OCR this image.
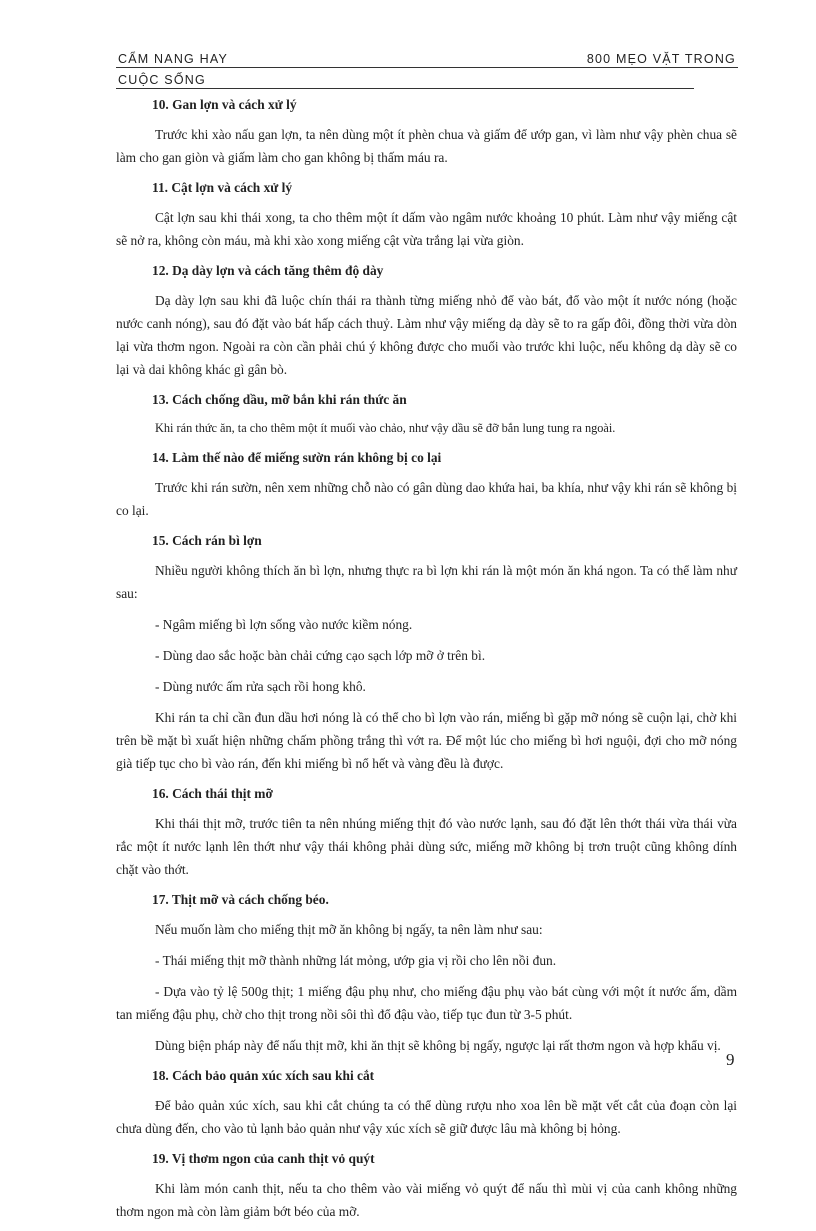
CẨM NANG HAY	800 MẸO VẶT TRONG
CUỘC SỐNG
10. Gan lợn và cách xử lý

Trước khi xào nấu gan lợn, ta nên dùng một ít phèn chua và giấm để ướp gan, vì làm như vậy phèn chua sẽ làm cho gan giòn và giấm làm cho gan không bị thấm máu ra.

11. Cật lợn và cách xử lý

Cật lợn sau khi thái xong, ta cho thêm một ít dấm vào ngâm nước khoảng 10 phút. Làm như vậy miếng cật sẽ nở ra, không còn máu, mà khi xào xong miếng cật vừa trắng lại vừa giòn.

12. Dạ dày lợn và cách tăng thêm độ dày

Dạ dày lợn sau khi đã luộc chín thái ra thành từng miếng nhỏ để vào bát, đổ vào một ít nước nóng (hoặc nước canh nóng), sau đó đặt vào bát hấp cách thuỷ. Làm như vậy miếng dạ dày sẽ to ra gấp đôi, đồng thời vừa dòn lại vừa thơm ngon. Ngoài ra còn cần phải chú ý không được cho muối vào trước khi luộc, nếu không dạ dày sẽ co lại và dai không khác gì gân bò.

13. Cách chống dầu, mỡ bắn khi rán thức ăn

Khi rán thức ăn, ta cho thêm một ít muối vào chảo, như vậy dầu sẽ đỡ bắn lung tung ra ngoài.

14. Làm thế nào để miếng sườn rán không bị co lại

Trước khi rán sườn, nên xem những chỗ nào có gân dùng dao khứa hai, ba khía, như vậy khi rán sẽ không bị co lại.

15. Cách rán bì lợn

Nhiều người không thích ăn bì lợn, nhưng thực ra bì lợn khi rán là một món ăn khá ngon. Ta có thể làm như sau:

- Ngâm miếng bì lợn sống vào nước kiềm nóng.

- Dùng dao sắc hoặc bàn chải cứng cạo sạch lớp mỡ ở trên bì.

- Dùng nước ấm rửa sạch rồi hong khô.

Khi rán ta chỉ cần đun dầu hơi nóng là có thể cho bì lợn vào rán, miếng bì gặp mỡ nóng sẽ cuộn lại, chờ khi trên bề mặt bì xuất hiện những chấm phồng trắng thì vớt ra. Để một lúc cho miếng bì hơi nguội, đợi cho mỡ nóng già tiếp tục cho bì vào rán, đến khi miếng bì nổ hết và vàng đều là được.

16. Cách thái thịt mỡ

Khi thái thịt mỡ, trước tiên ta nên nhúng miếng thịt đó vào nước lạnh, sau đó đặt lên thớt thái vừa thái vừa rắc một ít nước lạnh lên thớt như vậy thái không phải dùng sức, miếng mỡ không bị trơn truột cũng không dính chặt vào thớt.

17. Thịt mỡ và cách chống béo.

Nếu muốn làm cho miếng thịt mỡ ăn không bị ngấy, ta nên làm như sau:

- Thái miếng thịt mỡ thành những lát mỏng, ướp gia vị rồi cho lên nồi đun.

- Dựa vào tỷ lệ 500g thịt; 1 miếng đậu phụ như, cho miếng đậu phụ vào bát cùng với một ít nước ấm, dầm tan miếng đậu phụ, chờ cho thịt trong nồi sôi thì đổ đậu vào, tiếp tục đun từ 3-5 phút.

Dùng biện pháp này để nấu thịt mỡ, khi ăn thịt sẽ không bị ngấy, ngược lại rất thơm ngon và hợp khẩu vị.

18. Cách bảo quản xúc xích sau khi cắt

Để bảo quản xúc xích, sau khi cắt chúng ta có thể dùng rượu nho xoa lên bề mặt vết cắt của đoạn còn lại chưa dùng đến, cho vào tủ lạnh bảo quản như vậy xúc xích sẽ giữ được lâu mà không bị hỏng.

19. Vị thơm ngon của canh thịt vỏ quýt

Khi làm món canh thịt, nếu ta cho thêm vào vài miếng vỏ quýt để nấu thì mùi vị của canh không những thơm ngon mà còn làm giảm bớt béo của mỡ.

9
